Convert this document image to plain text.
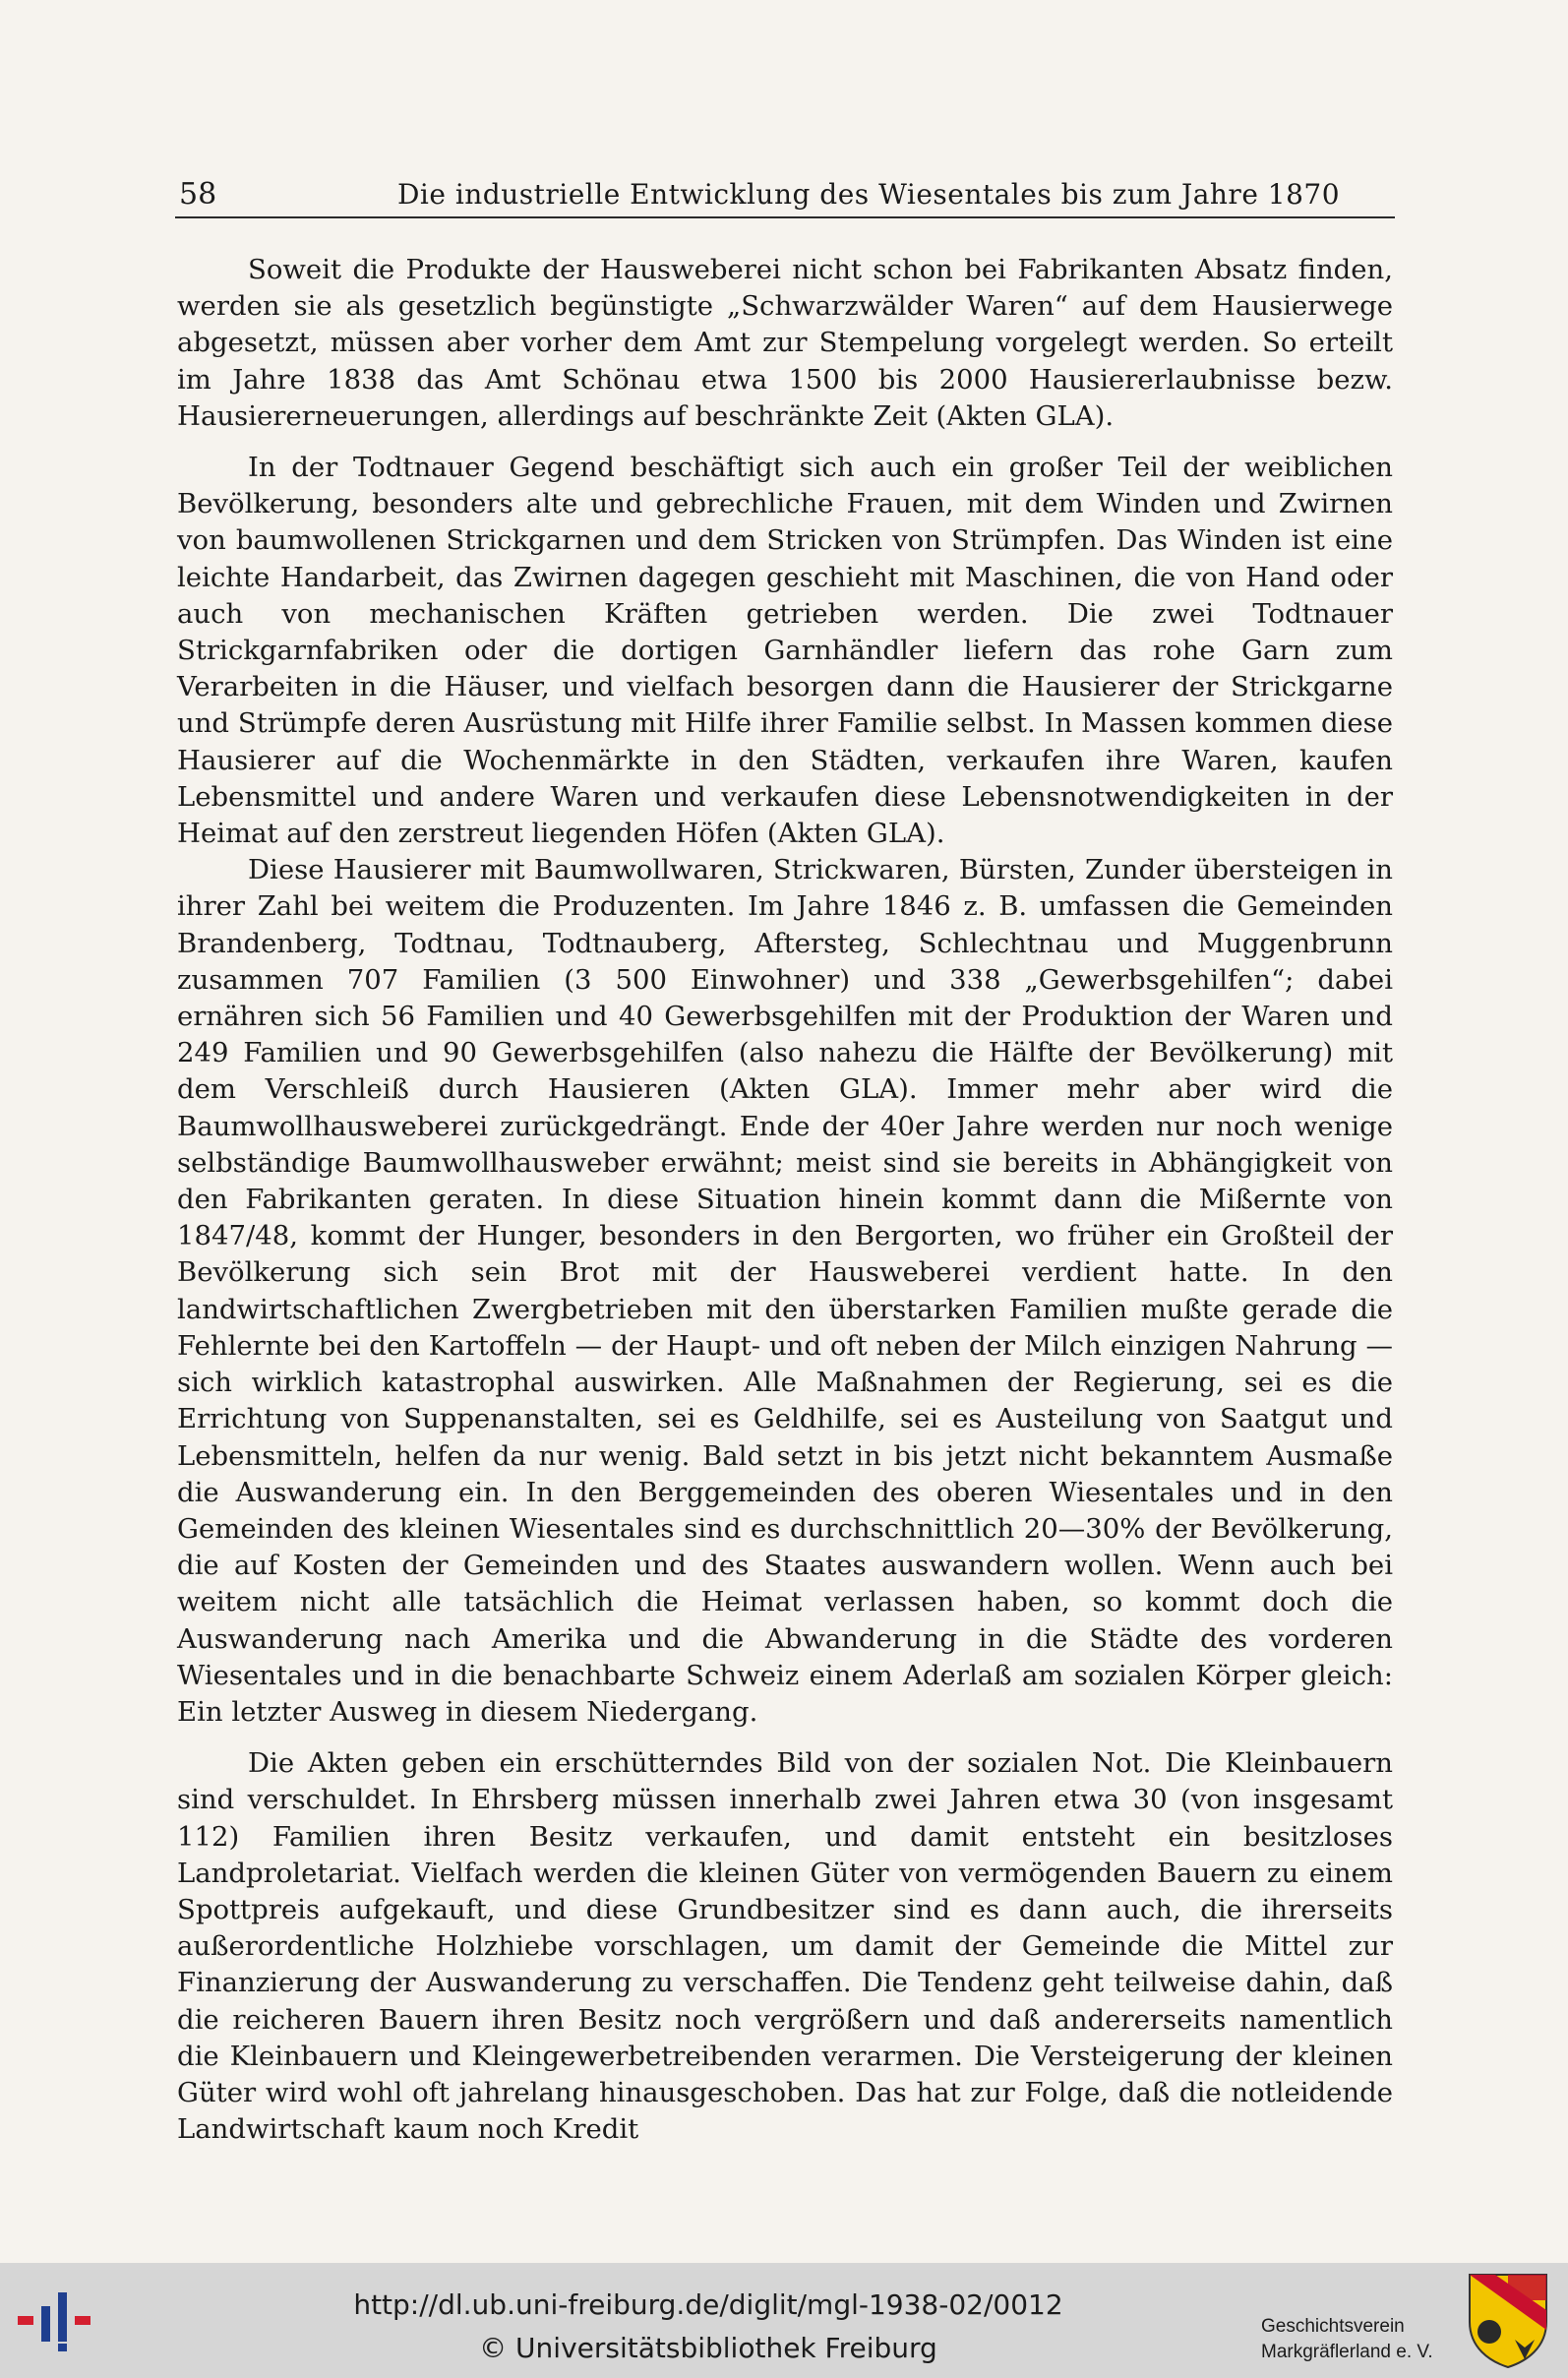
58	Die industrielle Entwicklung des Wiesentales bis zum Jahre 1870

Soweit die Produkte der Hausweberei nicht schon bei Fabrikanten Absatz finden, werden sie als gesetzlich begünstigte „Schwarzwälder Waren“ auf dem Hausierwege abgesetzt, müssen aber vorher dem Amt zur Stempelung vorgelegt werden. So erteilt im Jahre 1838 das Amt Schönau etwa 1500 bis 2000 Hausiererlaubnisse bezw. Hausiererneuerungen, allerdings auf beschränkte Zeit (Akten GLA).

In der Todtnauer Gegend beschäftigt sich auch ein großer Teil der weiblichen Bevölkerung, besonders alte und gebrechliche Frauen, mit dem Winden und Zwirnen von baumwollenen Strickgarnen und dem Stricken von Strümpfen. Das Winden ist eine leichte Handarbeit, das Zwirnen dagegen geschieht mit Maschinen, die von Hand oder auch von mechanischen Kräften getrieben werden. Die zwei Todtnauer Strickgarnfabriken oder die dortigen Garnhändler liefern das rohe Garn zum Verarbeiten in die Häuser, und vielfach besorgen dann die Hausierer der Strickgarne und Strümpfe deren Ausrüstung mit Hilfe ihrer Familie selbst. In Massen kommen diese Hausierer auf die Wochenmärkte in den Städten, verkaufen ihre Waren, kaufen Lebensmittel und andere Waren und verkaufen diese Lebensnotwendigkeiten in der Heimat auf den zerstreut liegenden Höfen (Akten GLA).

Diese Hausierer mit Baumwollwaren, Strickwaren, Bürsten, Zunder übersteigen in ihrer Zahl bei weitem die Produzenten. Im Jahre 1846 z. B. umfassen die Gemeinden Brandenberg, Todtnau, Todtnauberg, Aftersteg, Schlechtnau und Muggenbrunn zusammen 707 Familien (3 500 Einwohner) und 338 „Gewerbsgehilfen“; dabei ernähren sich 56 Familien und 40 Gewerbsgehilfen mit der Produktion der Waren und 249 Familien und 90 Gewerbsgehilfen (also nahezu die Hälfte der Bevölkerung) mit dem Verschleiß durch Hausieren (Akten GLA). Immer mehr aber wird die Baumwollhausweberei zurückgedrängt. Ende der 40er Jahre werden nur noch wenige selbständige Baumwollhausweber erwähnt; meist sind sie bereits in Abhängigkeit von den Fabrikanten geraten. In diese Situation hinein kommt dann die Mißernte von 1847/48, kommt der Hunger, besonders in den Bergorten, wo früher ein Großteil der Bevölkerung sich sein Brot mit der Hausweberei verdient hatte. In den landwirtschaftlichen Zwergbetrieben mit den überstarken Familien mußte gerade die Fehlernte bei den Kartoffeln — der Haupt- und oft neben der Milch einzigen Nahrung — sich wirklich katastrophal auswirken. Alle Maßnahmen der Regierung, sei es die Errichtung von Suppenanstalten, sei es Geldhilfe, sei es Austeilung von Saatgut und Lebensmitteln, helfen da nur wenig. Bald setzt in bis jetzt nicht bekanntem Ausmaße die Auswanderung ein. In den Berggemeinden des oberen Wiesentales und in den Gemeinden des kleinen Wiesentales sind es durchschnittlich 20—30% der Bevölkerung, die auf Kosten der Gemeinden und des Staates auswandern wollen. Wenn auch bei weitem nicht alle tatsächlich die Heimat verlassen haben, so kommt doch die Auswanderung nach Amerika und die Abwanderung in die Städte des vorderen Wiesentales und in die benachbarte Schweiz einem Aderlaß am sozialen Körper gleich: Ein letzter Ausweg in diesem Niedergang.

Die Akten geben ein erschütterndes Bild von der sozialen Not. Die Kleinbauern sind verschuldet. In Ehrsberg müssen innerhalb zwei Jahren etwa 30 (von insgesamt 112) Familien ihren Besitz verkaufen, und damit entsteht ein besitzloses Landproletariat. Vielfach werden die kleinen Güter von vermögenden Bauern zu einem Spottpreis aufgekauft, und diese Grundbesitzer sind es dann auch, die ihrerseits außerordentliche Holzhiebe vorschlagen, um damit der Gemeinde die Mittel zur Finanzierung der Auswanderung zu verschaffen. Die Tendenz geht teilweise dahin, daß die reicheren Bauern ihren Besitz noch vergrößern und daß andererseits namentlich die Kleinbauern und Kleingewerbetreibenden verarmen. Die Versteigerung der kleinen Güter wird wohl oft jahrelang hinausgeschoben. Das hat zur Folge, daß die notleidende Landwirtschaft kaum noch Kredit

http://dl.ub.uni-freiburg.de/diglit/mgl-1938-02/0012
© Universitätsbibliothek Freiburg
Geschichtsverein
Markgräflerland e. V.
